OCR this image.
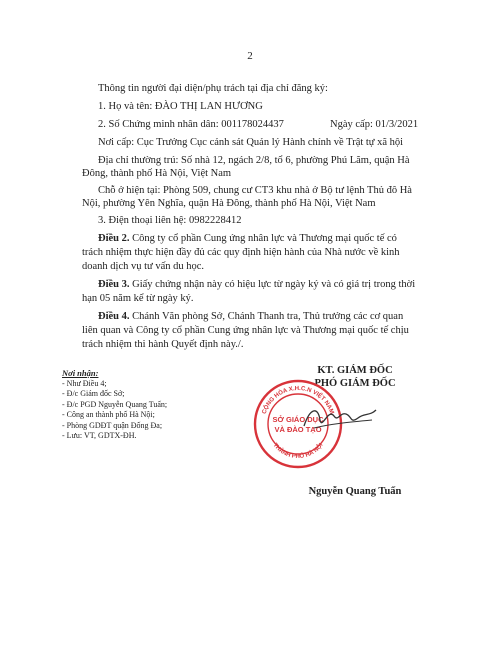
2
Thông tin người đại diện/phụ trách tại địa chỉ đăng ký:
1. Họ và tên: ĐÀO THỊ LAN HƯƠNG
2. Số Chứng minh nhân dân: 001178024437	Ngày cấp: 01/3/2021
Nơi cấp: Cục Trưởng Cục cảnh sát Quản lý Hành chính về Trật tự xã hội
Địa chỉ thường trú: Số nhà 12, ngách 2/8, tổ 6, phường Phú Lãm, quận Hà
Đông, thành phố Hà Nội, Việt Nam
Chỗ ở hiện tại: Phòng 509, chung cư CT3 khu nhà ở Bộ tư lệnh Thủ đô Hà
Nội, phường Yên Nghĩa, quận Hà Đông, thành phố Hà Nội, Việt Nam
3. Điện thoại liên hệ: 0982228412
Điều 2. Công ty cổ phần Cung ứng nhân lực và Thương mại quốc tế có
trách nhiệm thực hiện đầy đủ các quy định hiện hành của Nhà nước về kinh
doanh dịch vụ tư vấn du học.
Điều 3. Giấy chứng nhận này có hiệu lực từ ngày ký và có giá trị trong thời
hạn 05 năm kể từ ngày ký.
Điều 4. Chánh Văn phòng Sở, Chánh Thanh tra, Thủ trưởng các cơ quan
liên quan và Công ty cổ phần Cung ứng nhân lực và Thương mại quốc tế chịu
trách nhiệm thi hành Quyết định này./.
Nơi nhận:
- Như Điều 4;
- Đ/c Giám đốc Sở;
- Đ/c PGD Nguyễn Quang Tuấn;
- Công an thành phố Hà Nội;
- Phòng GDĐT quận Đống Đa;
- Lưu: VT, GDTX-ĐH.
KT. GIÁM ĐỐC
PHÓ GIÁM ĐỐC
CỘNG HÒA X.H.C.N VIỆT NAM
THÀNH PHỐ HÀ NỘI
SỞ GIÁO DỤC
VÀ ĐÀO TẠO
Nguyễn Quang Tuấn
